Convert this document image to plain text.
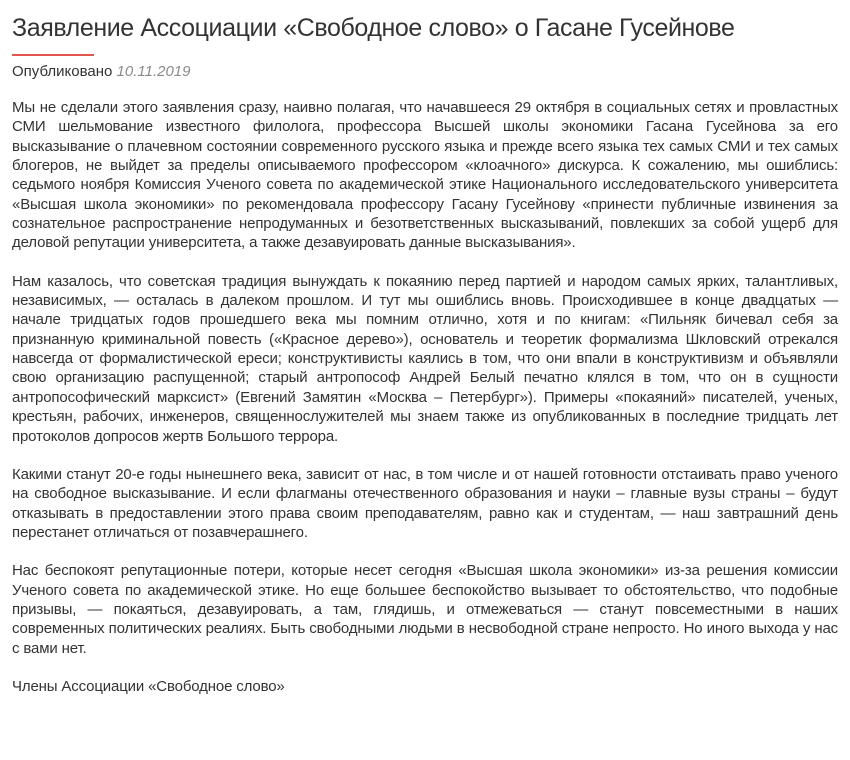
Заявление Ассоциации «Свободное слово» о Гасане Гусейнове
Опубликовано 10.11.2019

Мы не сделали этого заявления сразу, наивно полагая, что начавшееся 29 октября в социальных сетях и провластных СМИ шельмование известного филолога, профессора Высшей школы экономики Гасана Гусейнова за его высказывание о плачевном состоянии современного русского языка и прежде всего языка тех самых СМИ и тех самых блогеров, не выйдет за пределы описываемого профессором «клоачного» дискурса. К сожалению, мы ошиблись: седьмого ноября Комиссия Ученого совета по академической этике Национального исследовательского университета «Высшая школа экономики» по рекомендовала профессору Гасану Гусейнову «принести публичные извинения за сознательное распространение непродуманных и безответственных высказываний, повлекших за собой ущерб для деловой репутации университета, а также дезавуировать данные высказывания».

Нам казалось, что советская традиция вынуждать к покаянию перед партией и народом самых ярких, талантливых, независимых, — осталась в далеком прошлом. И тут мы ошиблись вновь. Происходившее в конце двадцатых — начале тридцатых годов прошедшего века мы помним отлично, хотя и по книгам: «Пильняк бичевал себя за признанную криминальной повесть («Красное дерево»), основатель и теоретик формализма Шкловский отрекался навсегда от формалистической ереси; конструктивисты каялись в том, что они впали в конструктивизм и объявляли свою организацию распущенной; старый антропософ Андрей Белый печатно клялся в том, что он в сущности антропософический марксист» (Евгений Замятин «Москва – Петербург»). Примеры «покаяний» писателей, ученых, крестьян, рабочих, инженеров, священнослужителей мы знаем также из опубликованных в последние тридцать лет протоколов допросов жертв Большого террора.

Какими станут 20-е годы нынешнего века, зависит от нас, в том числе и от нашей готовности отстаивать право ученого на свободное высказывание. И если флагманы отечественного образования и науки – главные вузы страны – будут отказывать в предоставлении этого права своим преподавателям, равно как и студентам, — наш завтрашний день перестанет отличаться от позавчерашнего.

Нас беспокоят репутационные потери, которые несет сегодня «Высшая школа экономики» из-за решения комиссии Ученого совета по академической этике. Но еще большее беспокойство вызывает то обстоятельство, что подобные призывы, — покаяться, дезавуировать, а там, глядишь, и отмежеваться — станут повсеместными в наших современных политических реалиях. Быть свободными людьми в несвободной стране непросто. Но иного выхода у нас с вами нет.

Члены Ассоциации «Свободное слово»
